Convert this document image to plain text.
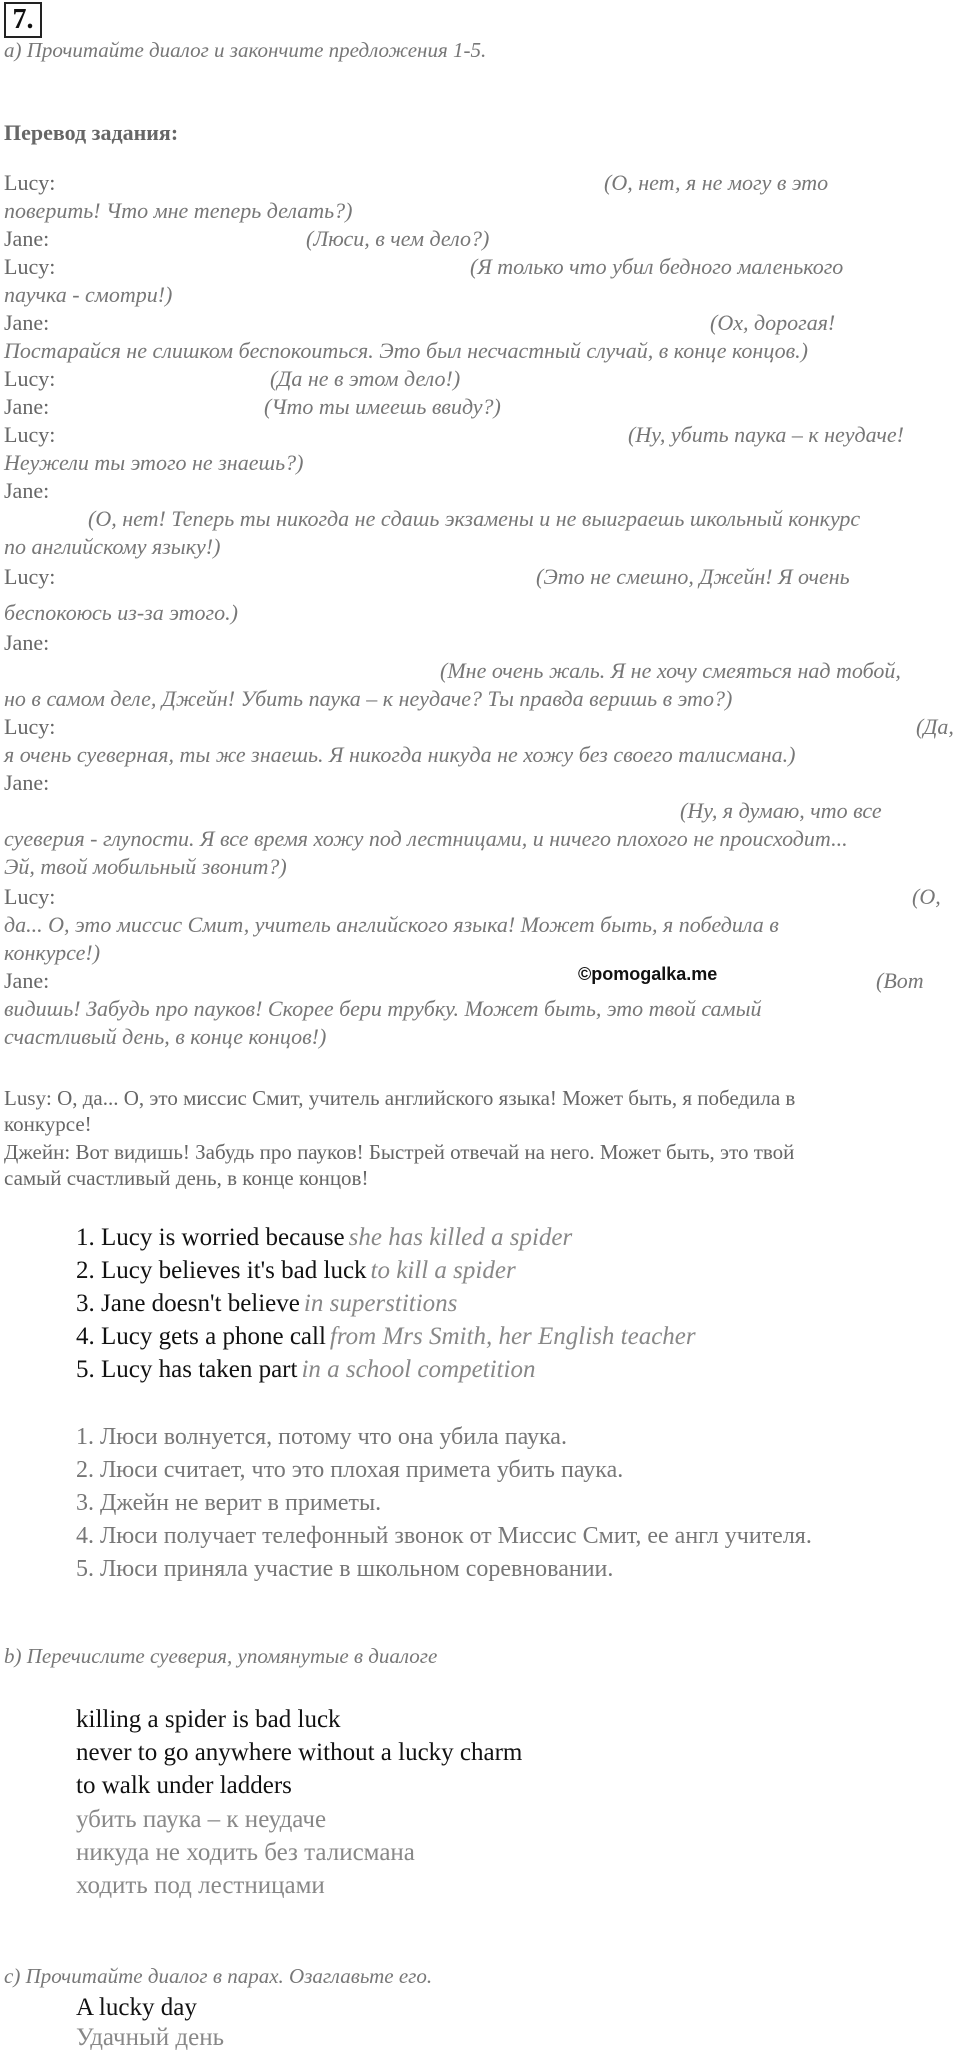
7.
а) Прочитайте диалог и закончите предложения 1-5.
Перевод задания:
Lucy:	(О, нет, я не могу в это
поверить! Что мне теперь делать?)
Jane:	(Люси, в чем дело?)
Lucy:	(Я только что убил бедного маленького
паучка - смотри!)
Jane:	(Ох, дорогая!
Постарайся не слишком беспокоиться. Это был несчастный случай, в конце концов.)
Lucy:	(Да не в этом дело!)
Jane:	(Что ты имеешь ввиду?)
Lucy:	(Ну, убить паука – к неудаче!
Неужели ты этого не знаешь?)
Jane:
(О, нет! Теперь ты никогда не сдашь экзамены и не выиграешь школьный конкурс
по английскому языку!)
Lucy:	(Это не смешно, Джейн! Я очень
беспокоюсь из-за этого.)
Jane:
(Мне очень жаль. Я не хочу смеяться над тобой,
но в самом деле, Джейн! Убить паука – к неудаче? Ты правда веришь в это?)
Lucy:	(Да,
я очень суеверная, ты же знаешь. Я никогда никуда не хожу без своего талисмана.)
Jane:
(Ну, я думаю, что все
суеверия - глупости. Я все время хожу под лестницами, и ничего плохого не происходит...
Эй, твой мобильный звонит?)
Lucy:	(О,
да... О, это миссис Смит, учитель английского языка! Может быть, я победила в
конкурсе!)
Jane:	(Вот
видишь! Забудь про пауков! Скорее бери трубку. Может быть, это твой самый
счастливый день, в конце концов!)
©pomogalka.me
Lusy: О, да... О, это миссис Смит, учитель английского языка! Может быть, я победила в
конкурсе!
Джейн: Вот видишь! Забудь про пауков! Быстрей отвечай на него. Может быть, это твой
самый счастливый день, в конце концов!
1. Lucy is worried because she has killed a spider
2. Lucy believes it's bad luck to kill a spider
3. Jane doesn't believe in superstitions
4. Lucy gets a phone call from Mrs Smith, her English teacher
5. Lucy has taken part in a school competition
1. Люси волнуется, потому что она убила паука.
2. Люси считает, что это плохая примета убить паука.
3. Джейн не верит в приметы.
4. Люси получает телефонный звонок от Миссис Смит, ее англ учителя.
5. Люси приняла участие в школьном соревновании.
b) Перечислите суеверия, упомянутые в диалоге
killing a spider is bad luck
never to go anywhere without a lucky charm
to walk under ladders
убить паука – к неудаче
никуда не ходить без талисмана
ходить под лестницами
c) Прочитайте диалог в парах. Озаглавьте его.
A lucky day
Удачный день
